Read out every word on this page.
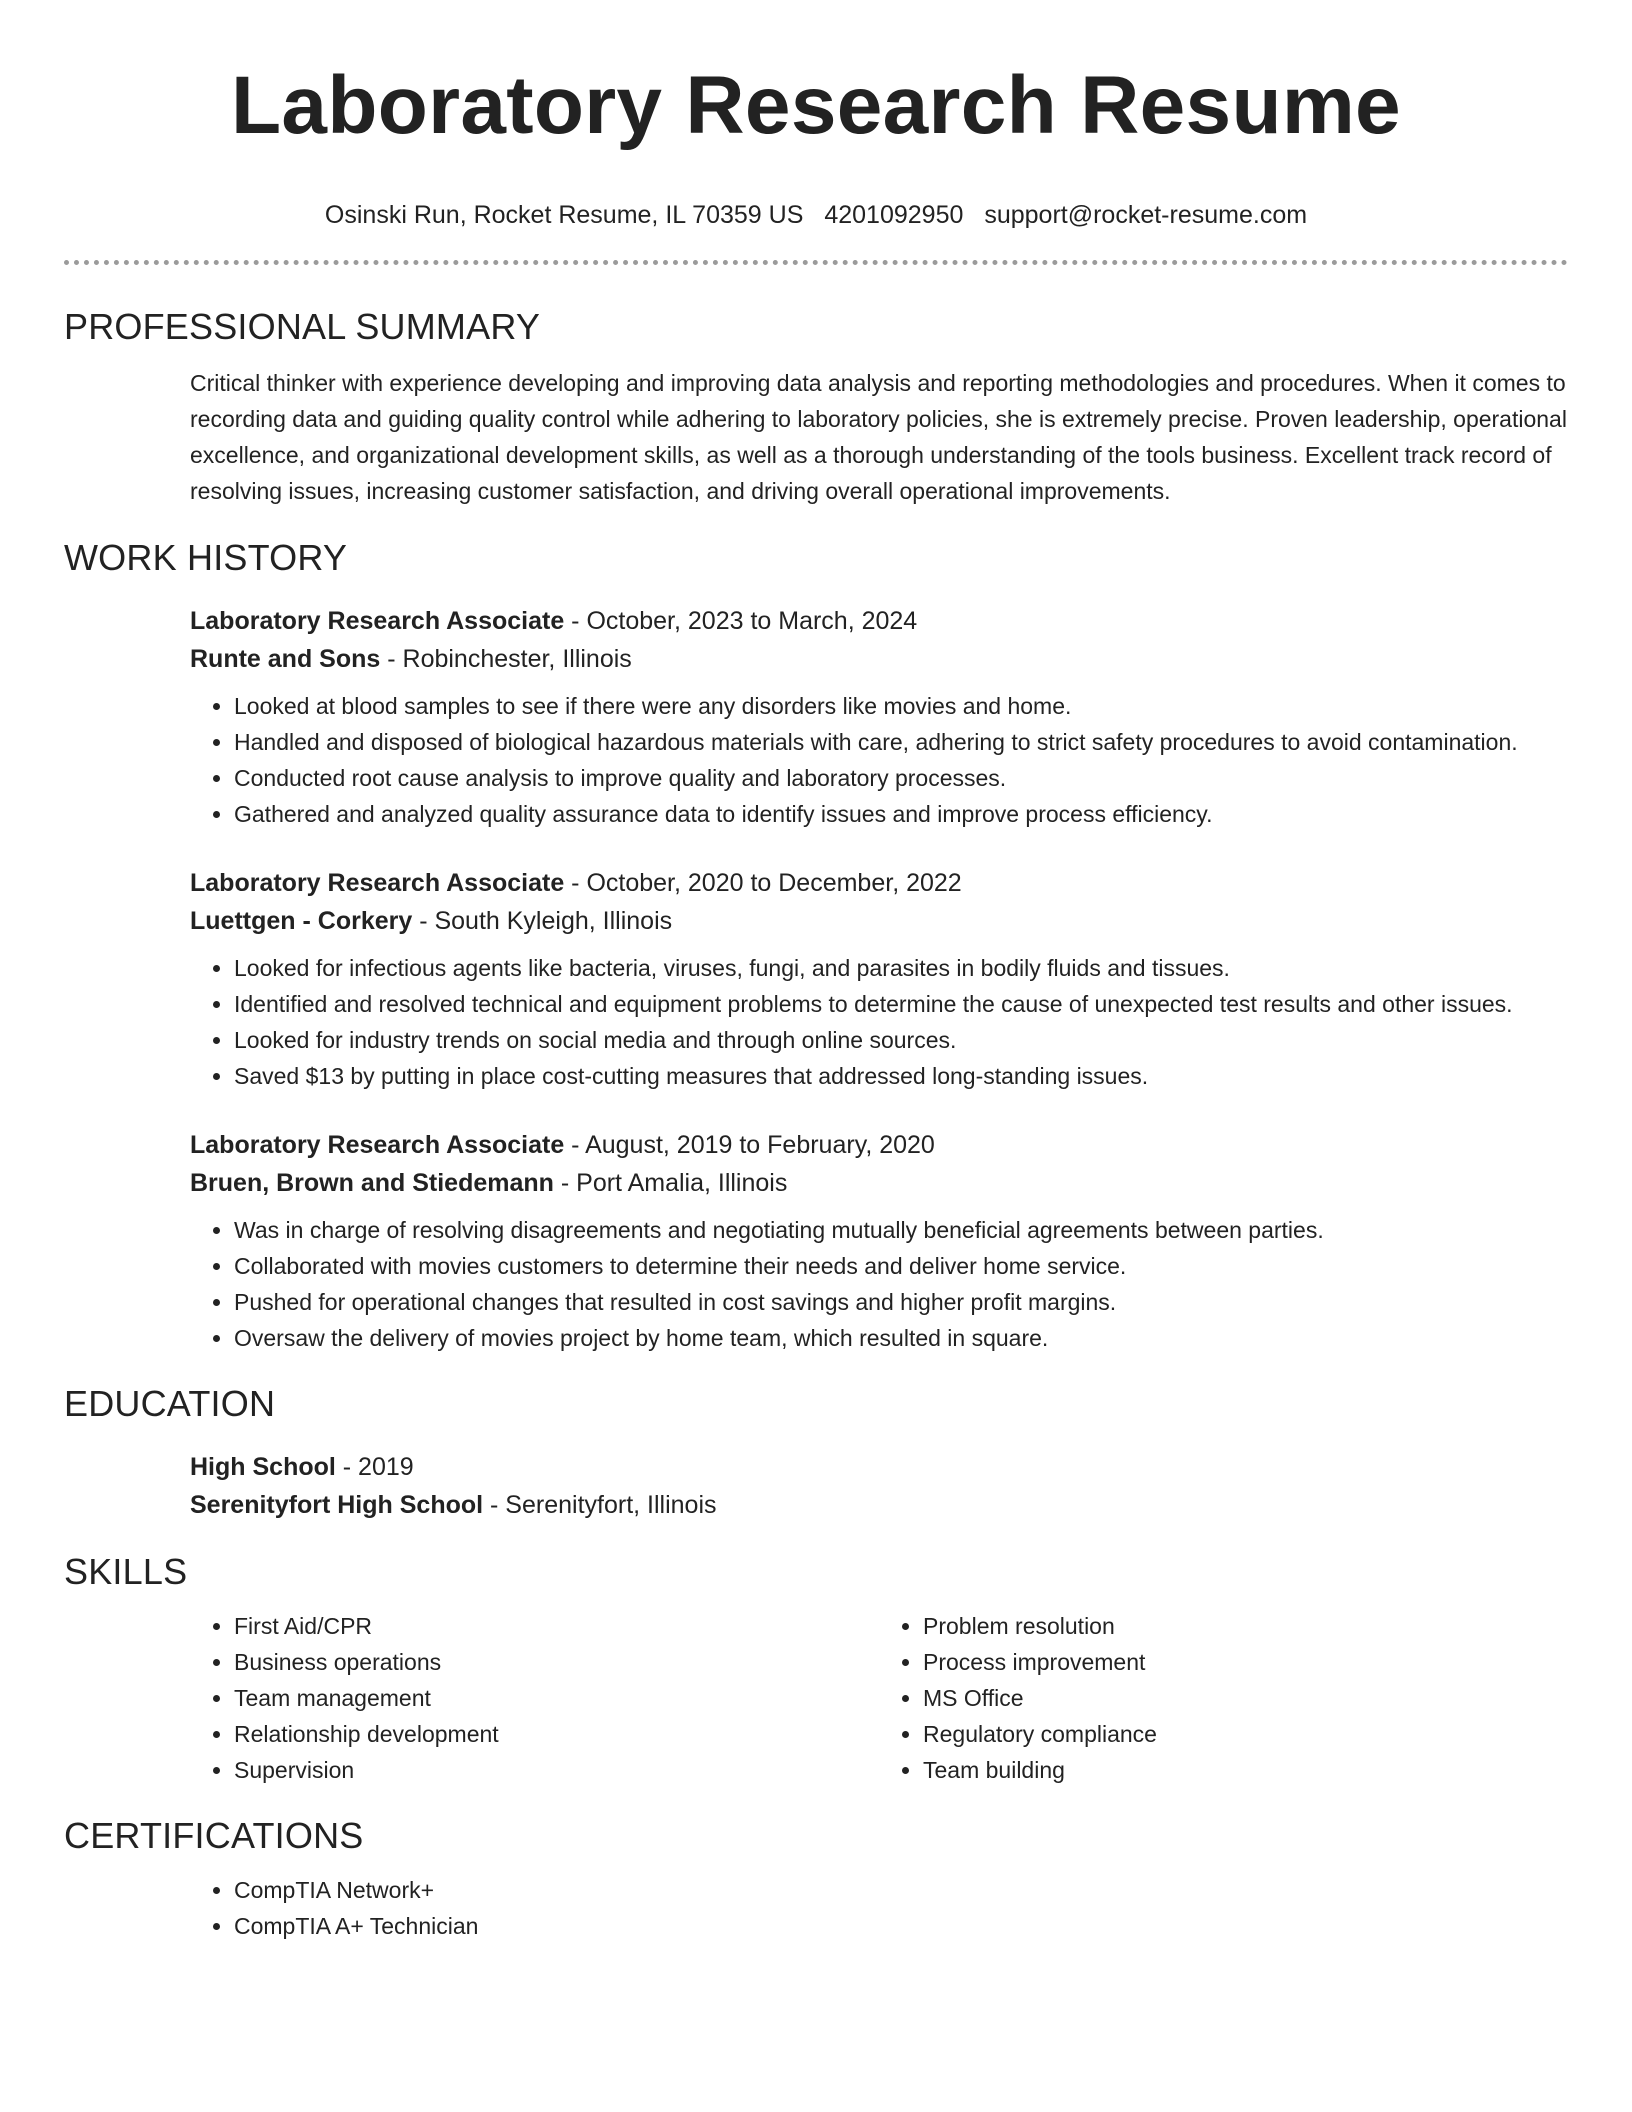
Laboratory Research Resume
Osinski Run, Rocket Resume, IL 70359 US 4201092950 support@rocket-resume.com
PROFESSIONAL SUMMARY

Critical thinker with experience developing and improving data analysis and reporting methodologies and procedures. When it comes to recording data and guiding quality control while adhering to laboratory policies, she is extremely precise. Proven leadership, operational excellence, and organizational development skills, as well as a thorough understanding of the tools business. Excellent track record of resolving issues, increasing customer satisfaction, and driving overall operational improvements.

WORK HISTORY
Laboratory Research Associate - October, 2023 to March, 2024
Runte and Sons - Robinchester, Illinois
• Looked at blood samples to see if there were any disorders like movies and home.
• Handled and disposed of biological hazardous materials with care, adhering to strict safety procedures to avoid contamination.
• Conducted root cause analysis to improve quality and laboratory processes.
• Gathered and analyzed quality assurance data to identify issues and improve process efficiency.
Laboratory Research Associate - October, 2020 to December, 2022
Luettgen - Corkery - South Kyleigh, Illinois
• Looked for infectious agents like bacteria, viruses, fungi, and parasites in bodily fluids and tissues.
• Identified and resolved technical and equipment problems to determine the cause of unexpected test results and other issues.
• Looked for industry trends on social media and through online sources.
• Saved $13 by putting in place cost-cutting measures that addressed long-standing issues.
Laboratory Research Associate - August, 2019 to February, 2020
Bruen, Brown and Stiedemann - Port Amalia, Illinois
• Was in charge of resolving disagreements and negotiating mutually beneficial agreements between parties.
• Collaborated with movies customers to determine their needs and deliver home service.
• Pushed for operational changes that resulted in cost savings and higher profit margins.
• Oversaw the delivery of movies project by home team, which resulted in square.
EDUCATION
High School - 2019
Serenityfort High School - Serenityfort, Illinois
SKILLS
• First Aid/CPR
• Business operations
• Team management
• Relationship development
• Supervision
• Problem resolution
• Process improvement
• MS Office
• Regulatory compliance
• Team building
CERTIFICATIONS
• CompTIA Network+
• CompTIA A+ Technician
